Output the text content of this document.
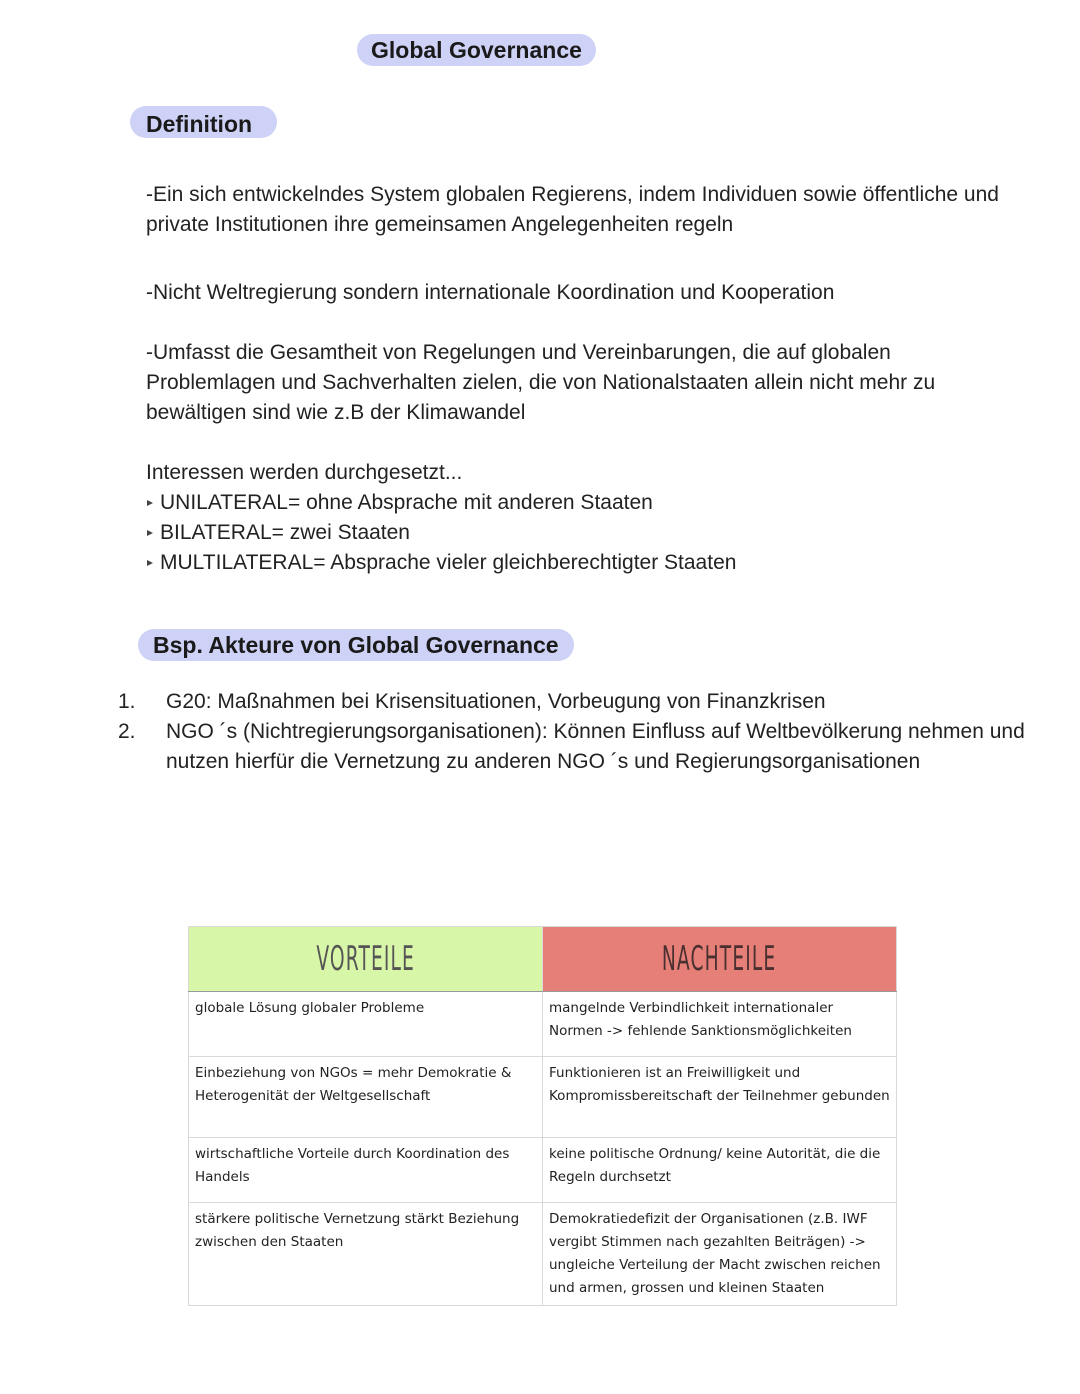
Global Governance
Definition
-Ein sich entwickelndes System globalen Regierens, indem Individuen sowie öffentliche und private Institutionen ihre gemeinsamen Angelegenheiten regeln
-Nicht Weltregierung sondern internationale Koordination und Kooperation
-Umfasst die Gesamtheit von Regelungen und Vereinbarungen, die auf globalen Problemlagen und Sachverhalten zielen, die von Nationalstaaten allein nicht mehr zu bewältigen sind wie z.B der Klimawandel
Interessen werden durchgesetzt...
UNILATERAL= ohne Absprache mit anderen Staaten
BILATERAL= zwei Staaten
MULTILATERAL= Absprache vieler gleichberechtigter Staaten
Bsp. Akteure von Global Governance
1. G20: Maßnahmen bei Krisensituationen, Vorbeugung von Finanzkrisen
2. NGO ´s (Nichtregierungsorganisationen): Können Einfluss auf Weltbevölkerung nehmen und nutzen hierfür die Vernetzung zu anderen NGO ´s und Regierungsorganisationen
VORTEILE	NACHTEILE
globale Lösung globaler Probleme	mangelnde Verbindlichkeit internationaler Normen -> fehlende Sanktionsmöglichkeiten
Einbeziehung von NGOs = mehr Demokratie & Heterogenität der Weltgesellschaft	Funktionieren ist an Freiwilligkeit und Kompromissbereitschaft der Teilnehmer gebunden
wirtschaftliche Vorteile durch Koordination des Handels	keine politische Ordnung/ keine Autorität, die die Regeln durchsetzt
stärkere politische Vernetzung stärkt Beziehung zwischen den Staaten	Demokratiedefizit der Organisationen (z.B. IWF vergibt Stimmen nach gezahlten Beiträgen) -> ungleiche Verteilung der Macht zwischen reichen und armen, grossen und kleinen Staaten
